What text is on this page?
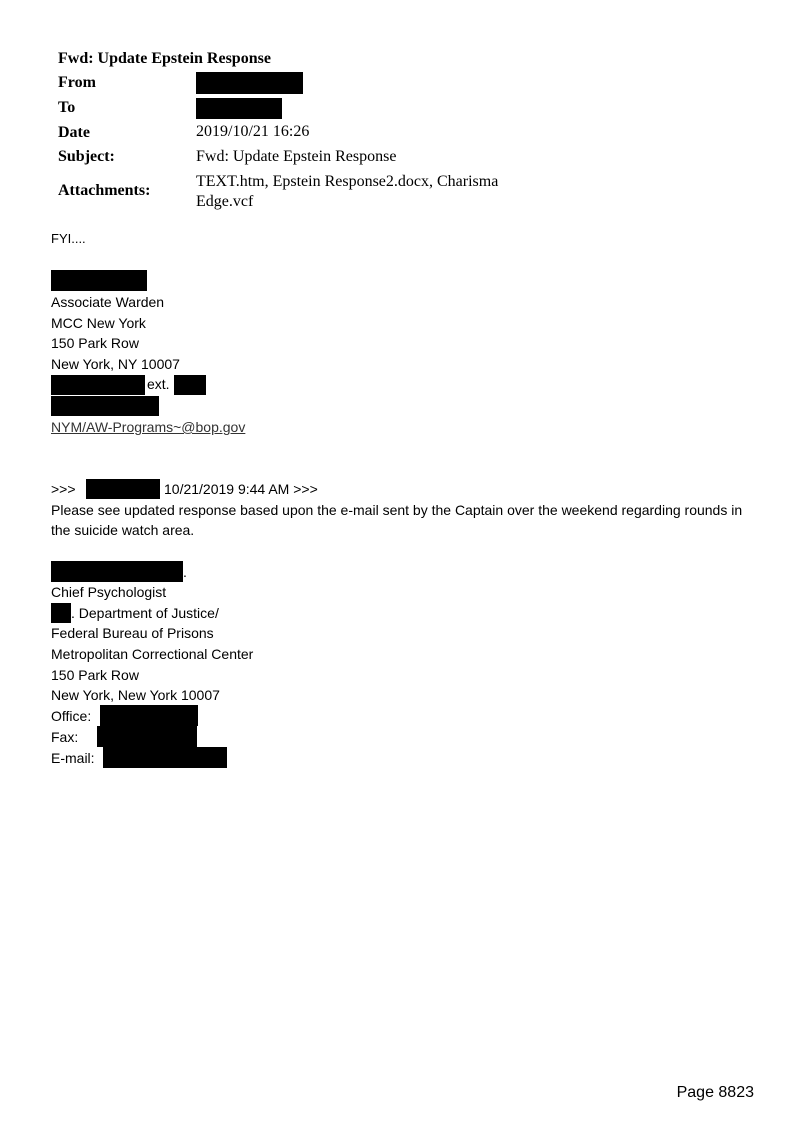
Fwd: Update Epstein Response
From
To
Date	2019/10/21 16:26
Subject:	Fwd: Update Epstein Response
Attachments:
TEXT.htm, Epstein Response2.docx, Charisma
Edge.vcf
FYI....
Associate Warden
MCC New York
150 Park Row
New York, NY 10007
ext.
NYM/AW-Programs~@bop.gov
>>>	10/21/2019 9:44 AM >>>
Please see updated response based upon the e-mail sent by the Captain over the weekend regarding rounds in the suicide watch area.
.
Chief Psychologist
. Department of Justice/
Federal Bureau of Prisons
Metropolitan Correctional Center
150 Park Row
New York, New York 10007
Office:
Fax:
E-mail:
Page 8823
